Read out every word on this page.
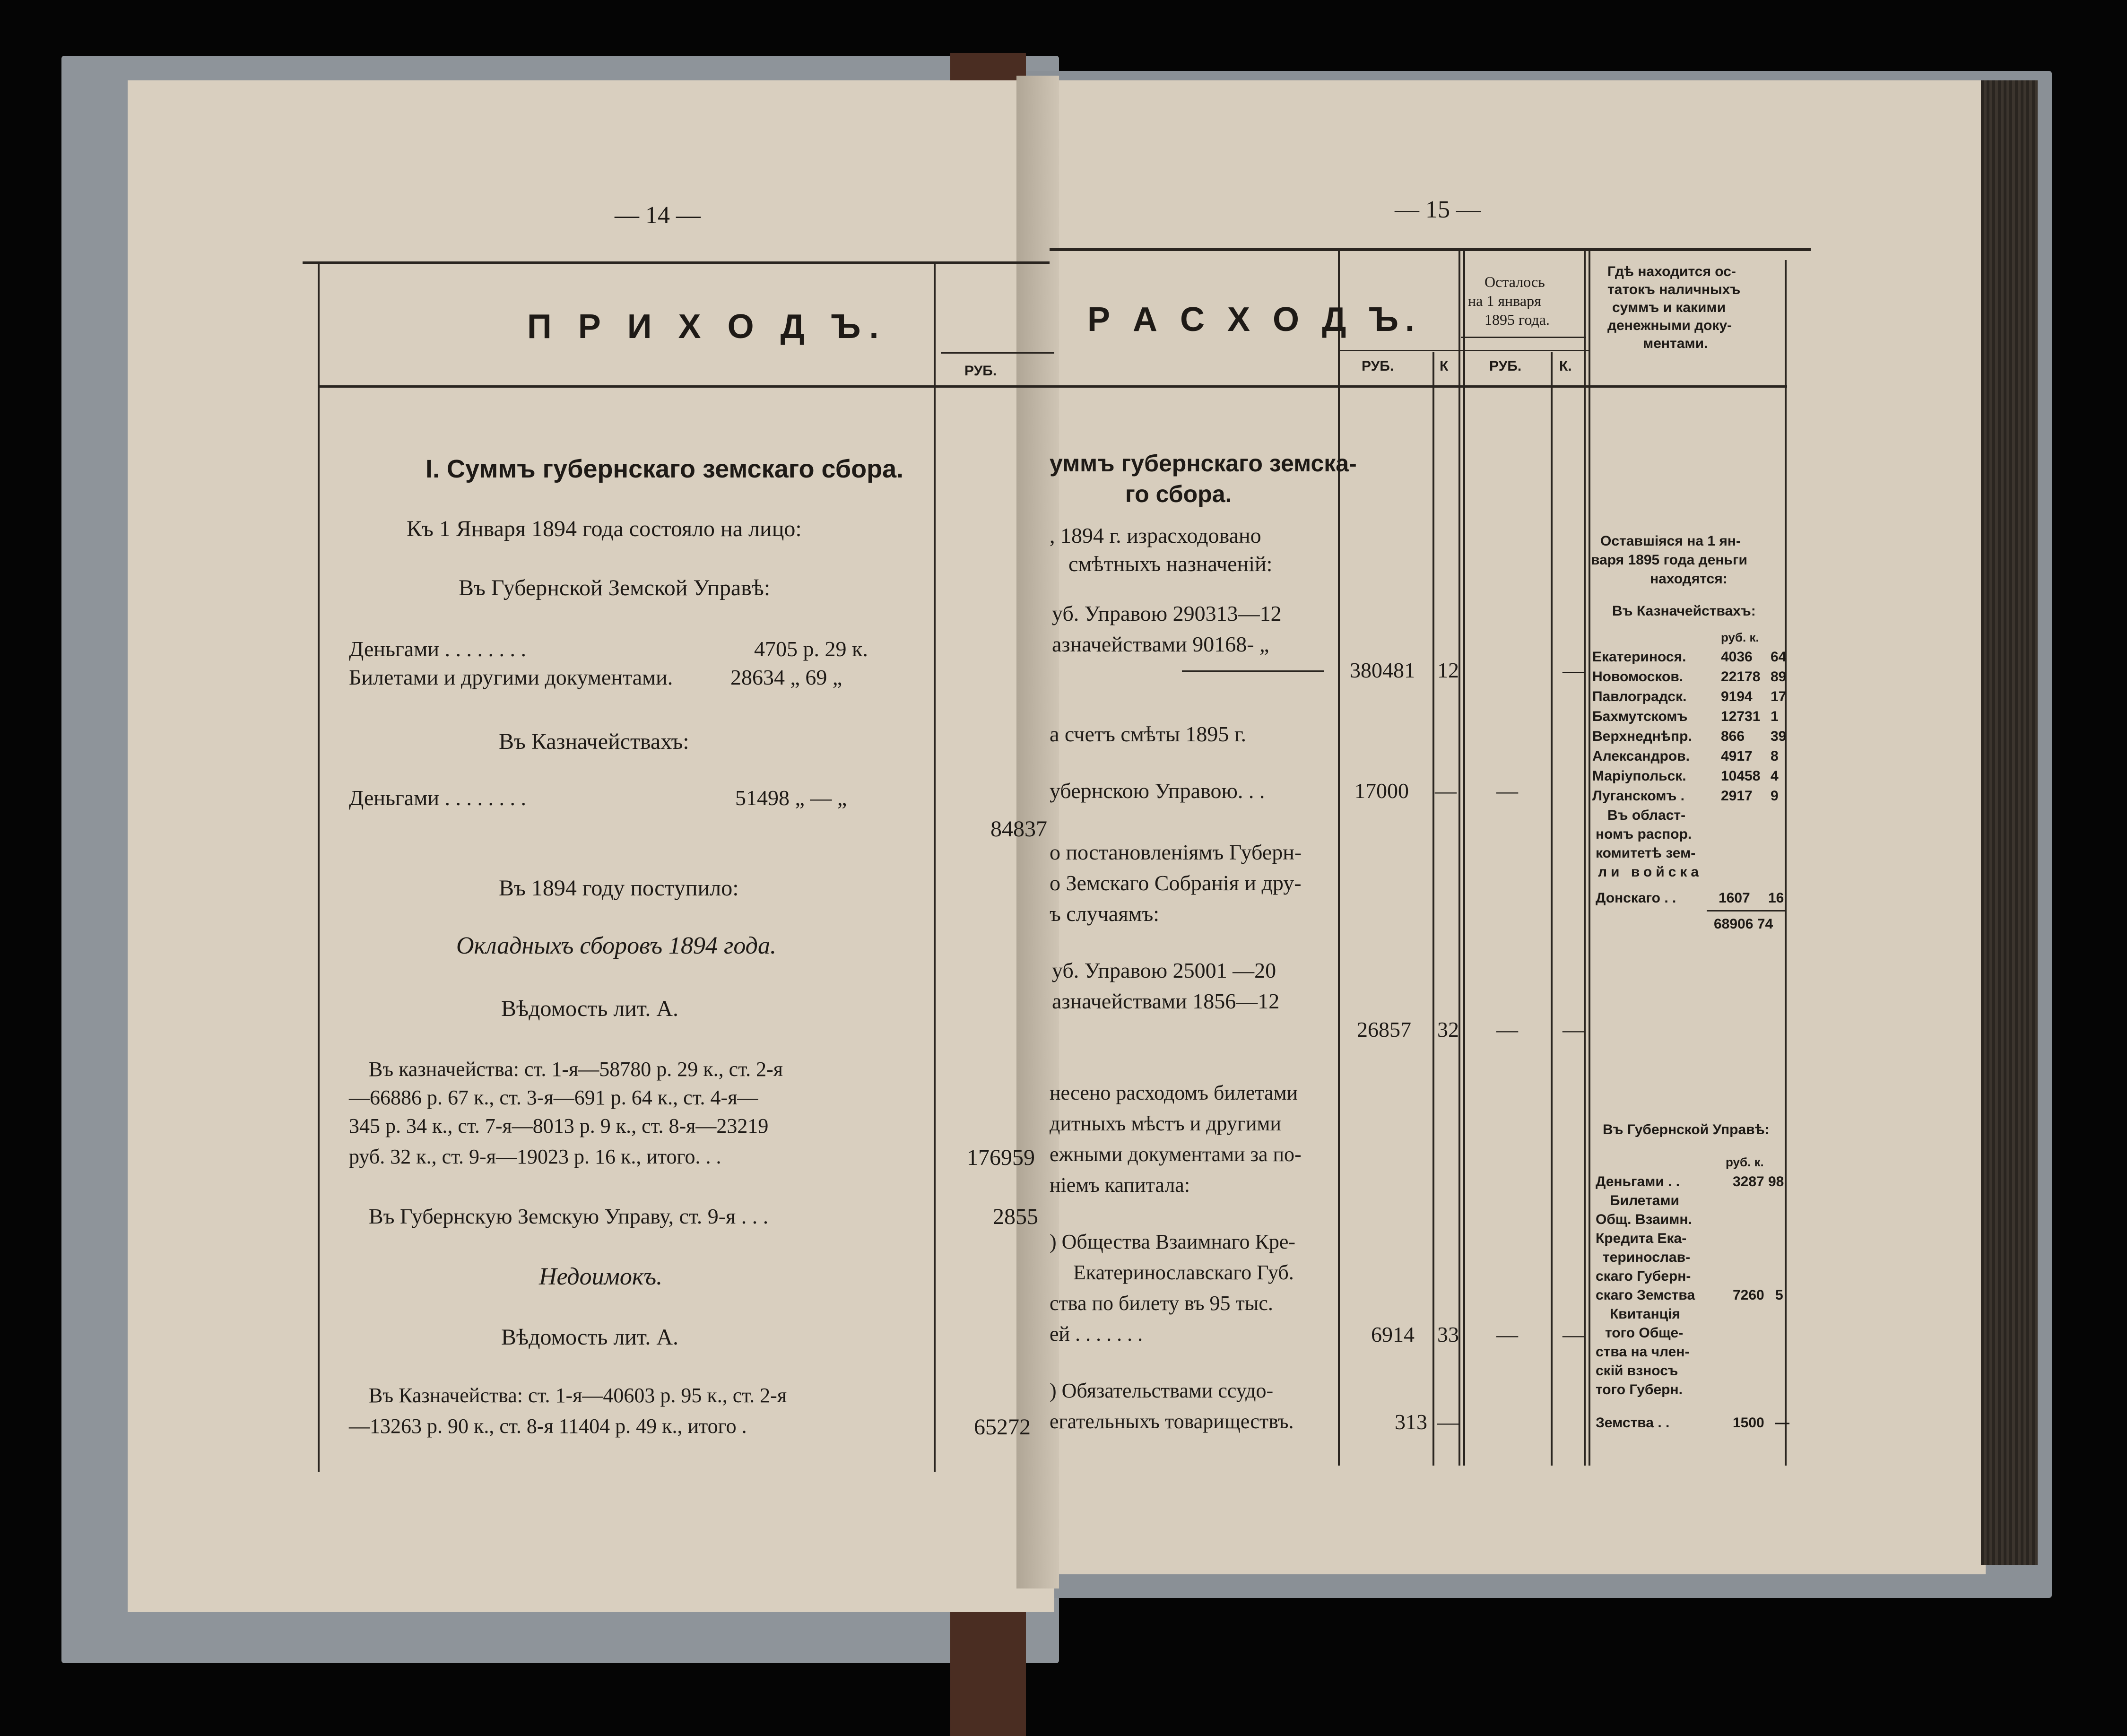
— 14 —
П Р И Х О Д Ъ.
РУБ.
I. Суммъ губернскаго земскаго сбора.
Къ 1 Января 1894 года состояло на лицо:
Въ Губернской Земской Управѣ:
Деньгами . . . . . . . .	4705 р. 29 к.
Билетами и другими документами.	28634 „ 69 „
Въ Казначействахъ:
Деньгами . . . . . . . .	51498 „ — „
84837
Въ 1894 году поступило:
Окладныхъ сборовъ 1894 года.
Вѣдомость лит. А.
Въ казначейства: ст. 1-я—58780 р. 29 к., ст. 2-я
—66886 р. 67 к., ст. 3-я—691 р. 64 к., ст. 4-я—
345 р. 34 к., ст. 7-я—8013 р. 9 к., ст. 8-я—23219
руб. 32 к., ст. 9-я—19023 р. 16 к., итого. . .	176959
Въ Губернскую Земскую Управу, ст. 9-я . . .	2855
Недоимокъ.
Вѣдомость лит. А.
Въ Казначейства: ст. 1-я—40603 р. 95 к., ст. 2-я
—13263 р. 90 к., ст. 8-я 11404 р. 49 к., итого .	65272
— 15 —
Р А С Х О Д Ъ.
РУБ.	К	РУБ.	К.
Осталось
на 1 января
1895 года.
Гдѣ находится ос-
татокъ наличныхъ
суммъ и какими
денежными доку-
ментами.
уммъ губернскаго земска-
го сбора.
, 1894 г. израсходовано
смѣтныхъ назначеній:
уб. Управою 290313—12
азначействами 90168- „
380481 12	—
а счетъ смѣты 1895 г.
убернскою Управою. . .	17000 — —
о постановленіямъ Губерн-
о Земскаго Собранія и дру-
ъ случаямъ:
уб. Управою 25001 —20
азначействами 1856—12
26857 32 — —
несено расходомъ билетами
дитныхъ мѣстъ и другими
ежными документами за по-
ніемъ капитала:
) Общества Взаимнаго Кре-
Екатеринославскаго Губ.
ства по билету въ 95 тыс.
ей . . . . . . .	6914 33 — —
) Обязательствами ссудо-
егательныхъ товариществъ.	313 —
Оставшіяся на 1 ян-
варя 1895 года деньги
находятся:
Въ Казначействахъ:
руб. к.
Екатеринося. 4036 64
Новомосков.	22178 89
Павлоградск. 9194 17
Бахмутскомъ 12731 1
Верхнеднѣпр. 866 39
Александров. 4917 8
Маріупольск. 10458 4
Луганскомъ .	2917 9
Въ област-
номъ распор.
комитетѣ зем-
ли войска
Донскаго . .	1607 16
68906 74
Въ Губернской Управѣ:
руб. к.
Деньгами . .	3287 98
Билетами
Общ. Взаимн.
Кредита Ека-
теринослав-
скаго Губерн-
скаго Земства	7260 5
Квитанція
того Обще-
ства на член-
скій взносъ
того Губерн.
Земства . .	1500 —
